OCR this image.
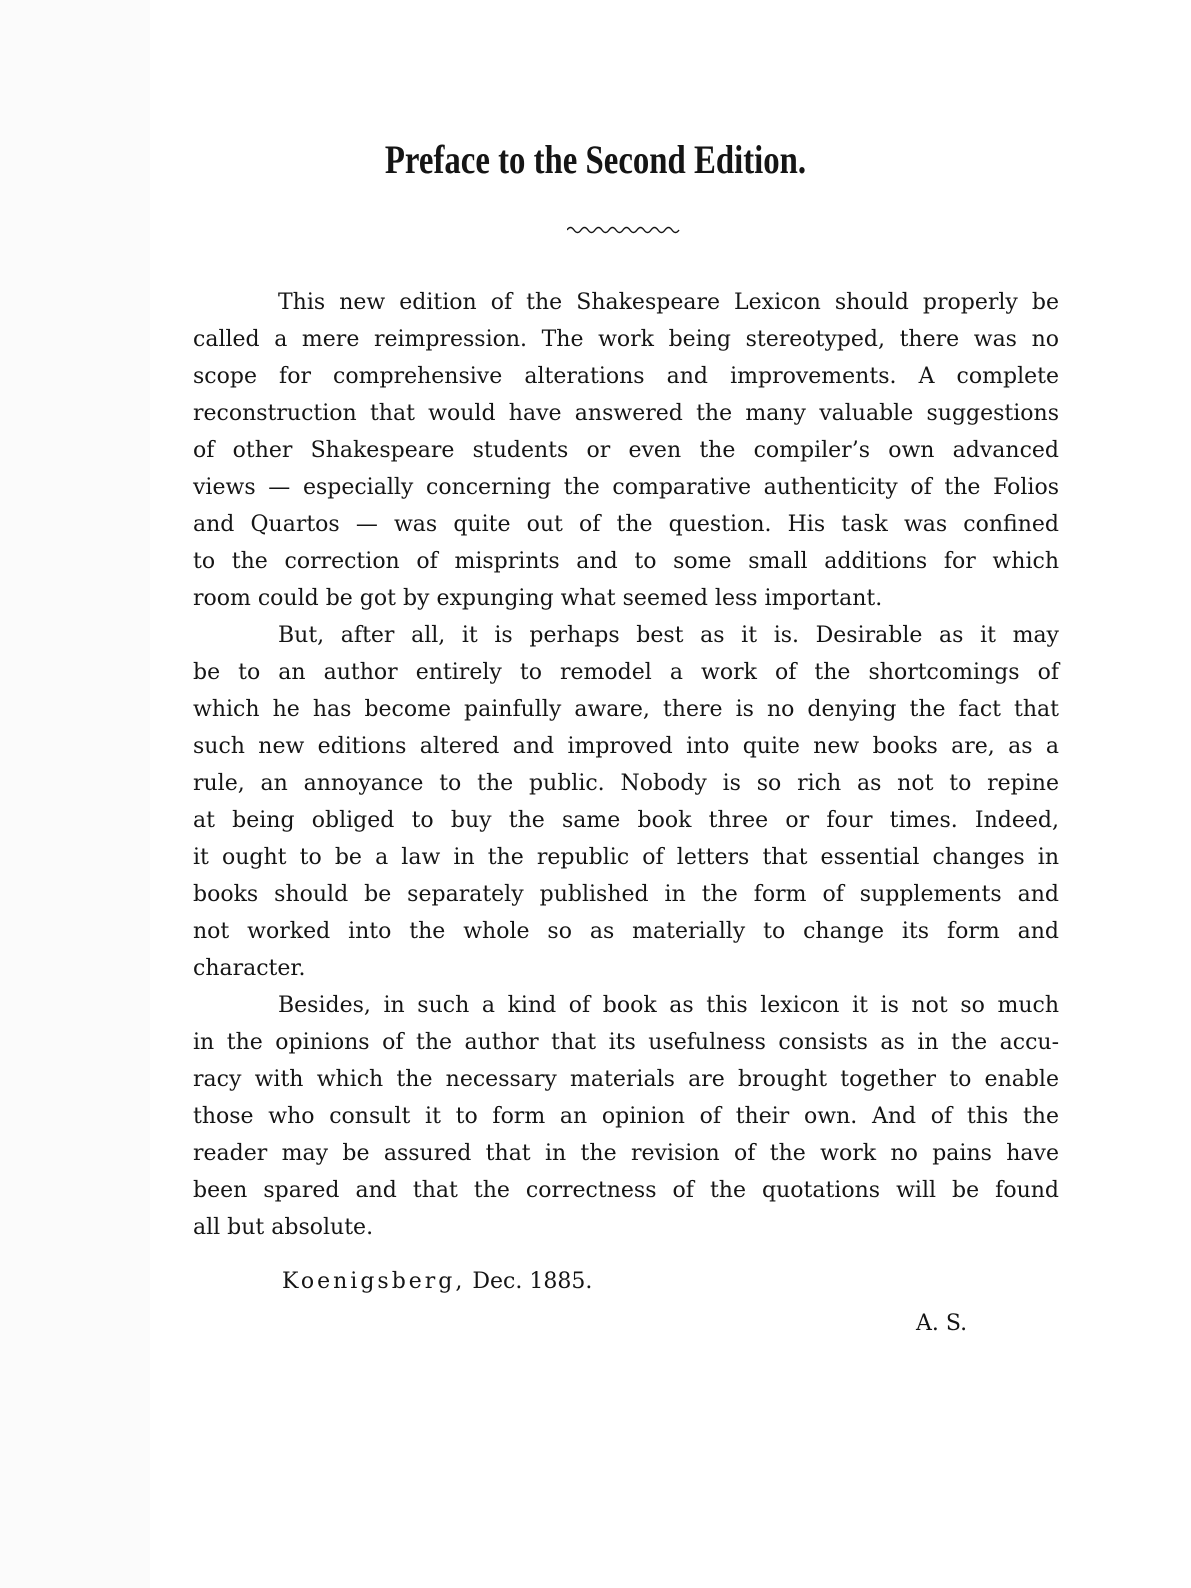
Preface to the Second Edition.
This new edition of the Shakespeare Lexicon should properly be
called a mere reimpression. The work being stereotyped, there was no
scope for comprehensive alterations and improvements. A complete
reconstruction that would have answered the many valuable suggestions
of other Shakespeare students or even the compiler’s own advanced
views — especially concerning the comparative authenticity of the Folios
and Quartos — was quite out of the question. His task was confined
to the correction of misprints and to some small additions for which
room could be got by expunging what seemed less important.
But, after all, it is perhaps best as it is. Desirable as it may
be to an author entirely to remodel a work of the shortcomings of
which he has become painfully aware, there is no denying the fact that
such new editions altered and improved into quite new books are, as a
rule, an annoyance to the public. Nobody is so rich as not to repine
at being obliged to buy the same book three or four times. Indeed,
it ought to be a law in the republic of letters that essential changes in
books should be separately published in the form of supplements and
not worked into the whole so as materially to change its form and
character.
Besides, in such a kind of book as this lexicon it is not so much
in the opinions of the author that its usefulness consists as in the accu-
racy with which the necessary materials are brought together to enable
those who consult it to form an opinion of their own. And of this the
reader may be assured that in the revision of the work no pains have
been spared and that the correctness of the quotations will be found
all but absolute.
Koenigsberg, Dec. 1885.
A. S.
